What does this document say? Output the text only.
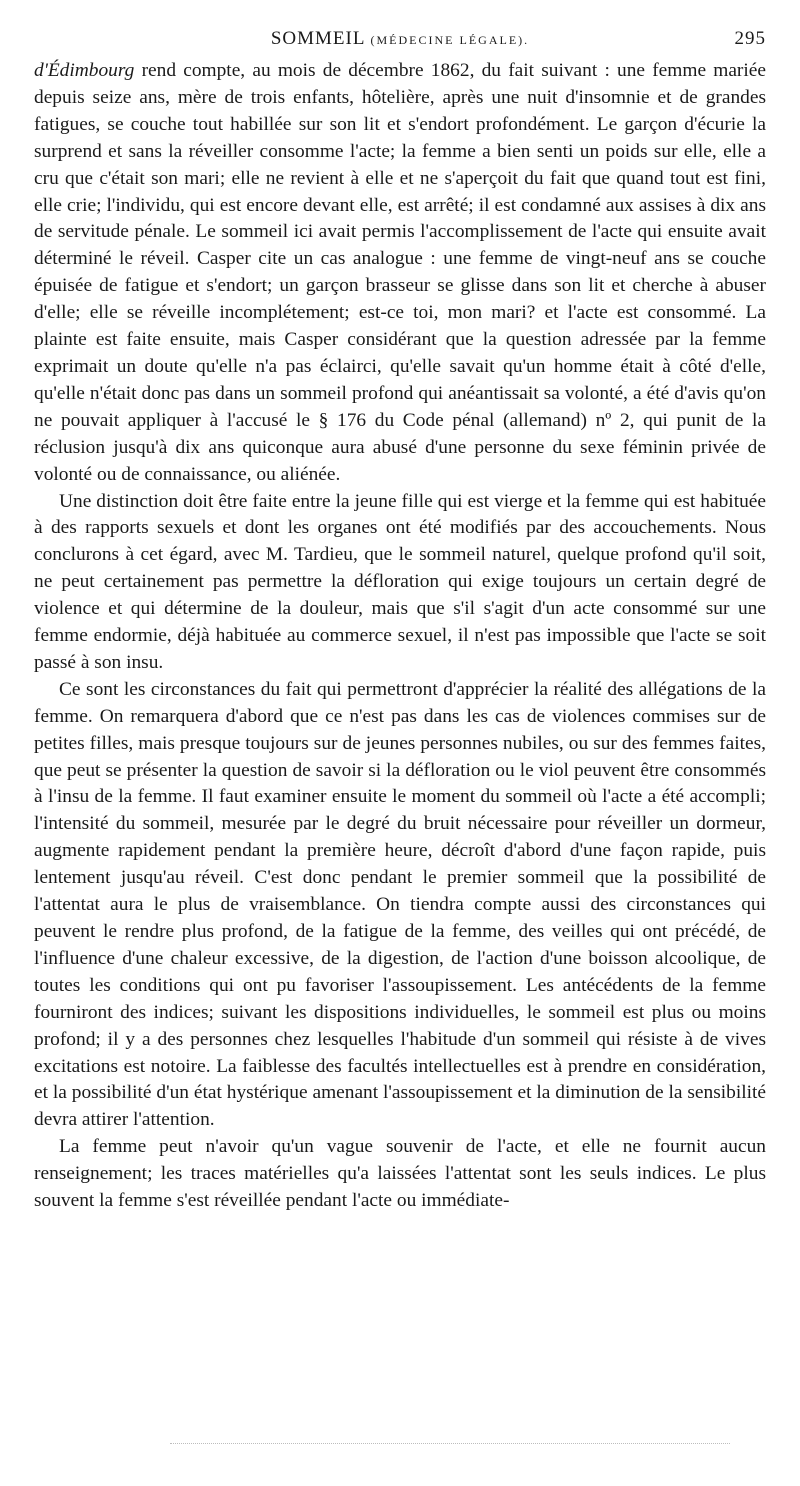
SOMMEIL (MÉDECINE LÉGALE).	295

d'Édimbourg rend compte, au mois de décembre 1862, du fait suivant : une femme mariée depuis seize ans, mère de trois enfants, hôtelière, après une nuit d'insomnie et de grandes fatigues, se couche tout habillée sur son lit et s'endort profondément. Le garçon d'écurie la surprend et sans la réveiller consomme l'acte; la femme a bien senti un poids sur elle, elle a cru que c'était son mari; elle ne revient à elle et ne s'aperçoit du fait que quand tout est fini, elle crie; l'individu, qui est encore devant elle, est arrêté; il est condamné aux assises à dix ans de servitude pénale. Le sommeil ici avait permis l'accomplissement de l'acte qui ensuite avait déterminé le réveil. Casper cite un cas analogue : une femme de vingt-neuf ans se couche épuisée de fatigue et s'endort; un garçon brasseur se glisse dans son lit et cherche à abuser d'elle; elle se réveille incomplétement; est-ce toi, mon mari? et l'acte est consommé. La plainte est faite ensuite, mais Casper considérant que la question adressée par la femme exprimait un doute qu'elle n'a pas éclairci, qu'elle savait qu'un homme était à côté d'elle, qu'elle n'était donc pas dans un sommeil profond qui anéantissait sa volonté, a été d'avis qu'on ne pouvait appliquer à l'accusé le § 176 du Code pénal (allemand) nº 2, qui punit de la réclusion jusqu'à dix ans quiconque aura abusé d'une personne du sexe féminin privée de volonté ou de connaissance, ou aliénée.

Une distinction doit être faite entre la jeune fille qui est vierge et la femme qui est habituée à des rapports sexuels et dont les organes ont été modifiés par des accouchements. Nous conclurons à cet égard, avec M. Tardieu, que le sommeil naturel, quelque profond qu'il soit, ne peut certainement pas permettre la défloration qui exige toujours un certain degré de violence et qui détermine de la douleur, mais que s'il s'agit d'un acte consommé sur une femme endormie, déjà habituée au commerce sexuel, il n'est pas impossible que l'acte se soit passé à son insu.

Ce sont les circonstances du fait qui permettront d'apprécier la réalité des allégations de la femme. On remarquera d'abord que ce n'est pas dans les cas de violences commises sur de petites filles, mais presque toujours sur de jeunes personnes nubiles, ou sur des femmes faites, que peut se présenter la question de savoir si la défloration ou le viol peuvent être consommés à l'insu de la femme. Il faut examiner ensuite le moment du sommeil où l'acte a été accompli; l'intensité du sommeil, mesurée par le degré du bruit nécessaire pour réveiller un dormeur, augmente rapidement pendant la première heure, décroît d'abord d'une façon rapide, puis lentement jusqu'au réveil. C'est donc pendant le premier sommeil que la possibilité de l'attentat aura le plus de vraisemblance. On tiendra compte aussi des circonstances qui peuvent le rendre plus profond, de la fatigue de la femme, des veilles qui ont précédé, de l'influence d'une chaleur excessive, de la digestion, de l'action d'une boisson alcoolique, de toutes les conditions qui ont pu favoriser l'assoupissement. Les antécédents de la femme fourniront des indices; suivant les dispositions individuelles, le sommeil est plus ou moins profond; il y a des personnes chez lesquelles l'habitude d'un sommeil qui résiste à de vives excitations est notoire. La faiblesse des facultés intellectuelles est à prendre en considération, et la possibilité d'un état hystérique amenant l'assoupissement et la diminution de la sensibilité devra attirer l'attention.

La femme peut n'avoir qu'un vague souvenir de l'acte, et elle ne fournit aucun renseignement; les traces matérielles qu'a laissées l'attentat sont les seuls indices. Le plus souvent la femme s'est réveillée pendant l'acte ou immédiate-
